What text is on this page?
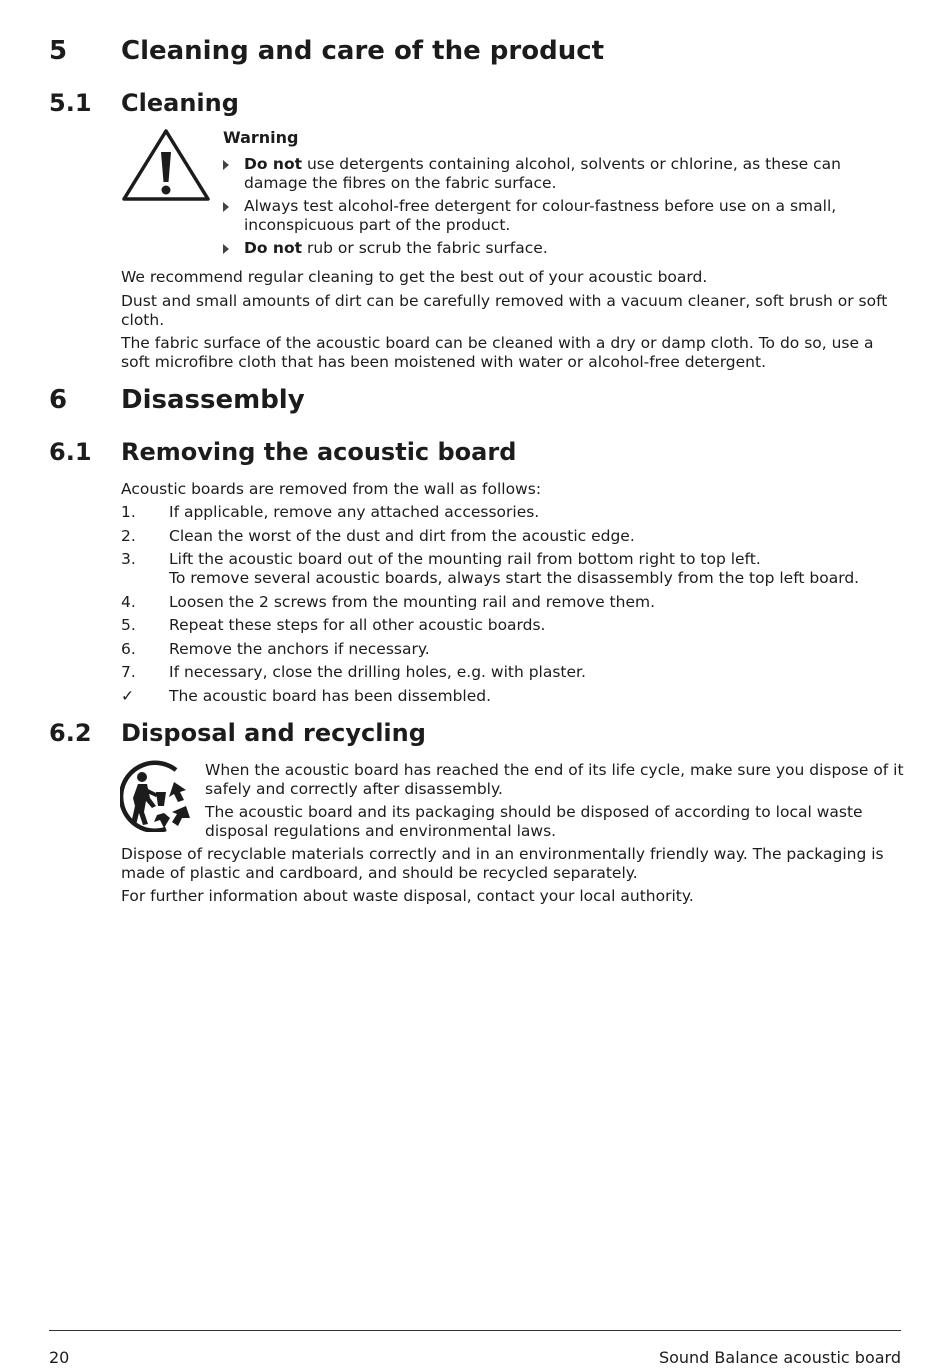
5 Cleaning and care of the product
5.1 Cleaning
Warning
Do not use detergents containing alcohol, solvents or chlorine, as these can damage the fibres on the fabric surface.
Always test alcohol-free detergent for colour-fastness before use on a small, inconspicuous part of the product.
Do not rub or scrub the fabric surface.
We recommend regular cleaning to get the best out of your acoustic board.
Dust and small amounts of dirt can be carefully removed with a vacuum cleaner, soft brush or soft cloth.
The fabric surface of the acoustic board can be cleaned with a dry or damp cloth. To do so, use a soft microfibre cloth that has been moistened with water or alcohol-free detergent.
6 Disassembly
6.1 Removing the acoustic board
Acoustic boards are removed from the wall as follows:
1. If applicable, remove any attached accessories.
2. Clean the worst of the dust and dirt from the acoustic edge.
3. Lift the acoustic board out of the mounting rail from bottom right to top left.
To remove several acoustic boards, always start the disassembly from the top left board.
4. Loosen the 2 screws from the mounting rail and remove them.
5. Repeat these steps for all other acoustic boards.
6. Remove the anchors if necessary.
7. If necessary, close the drilling holes, e.g. with plaster.
✓ The acoustic board has been dissembled.
6.2 Disposal and recycling
When the acoustic board has reached the end of its life cycle, make sure you dispose of it safely and correctly after disassembly.
The acoustic board and its packaging should be disposed of according to local waste disposal regulations and environmental laws.
Dispose of recyclable materials correctly and in an environmentally friendly way. The packaging is made of plastic and cardboard, and should be recycled separately.
For further information about waste disposal, contact your local authority.
20	Sound Balance acoustic board
